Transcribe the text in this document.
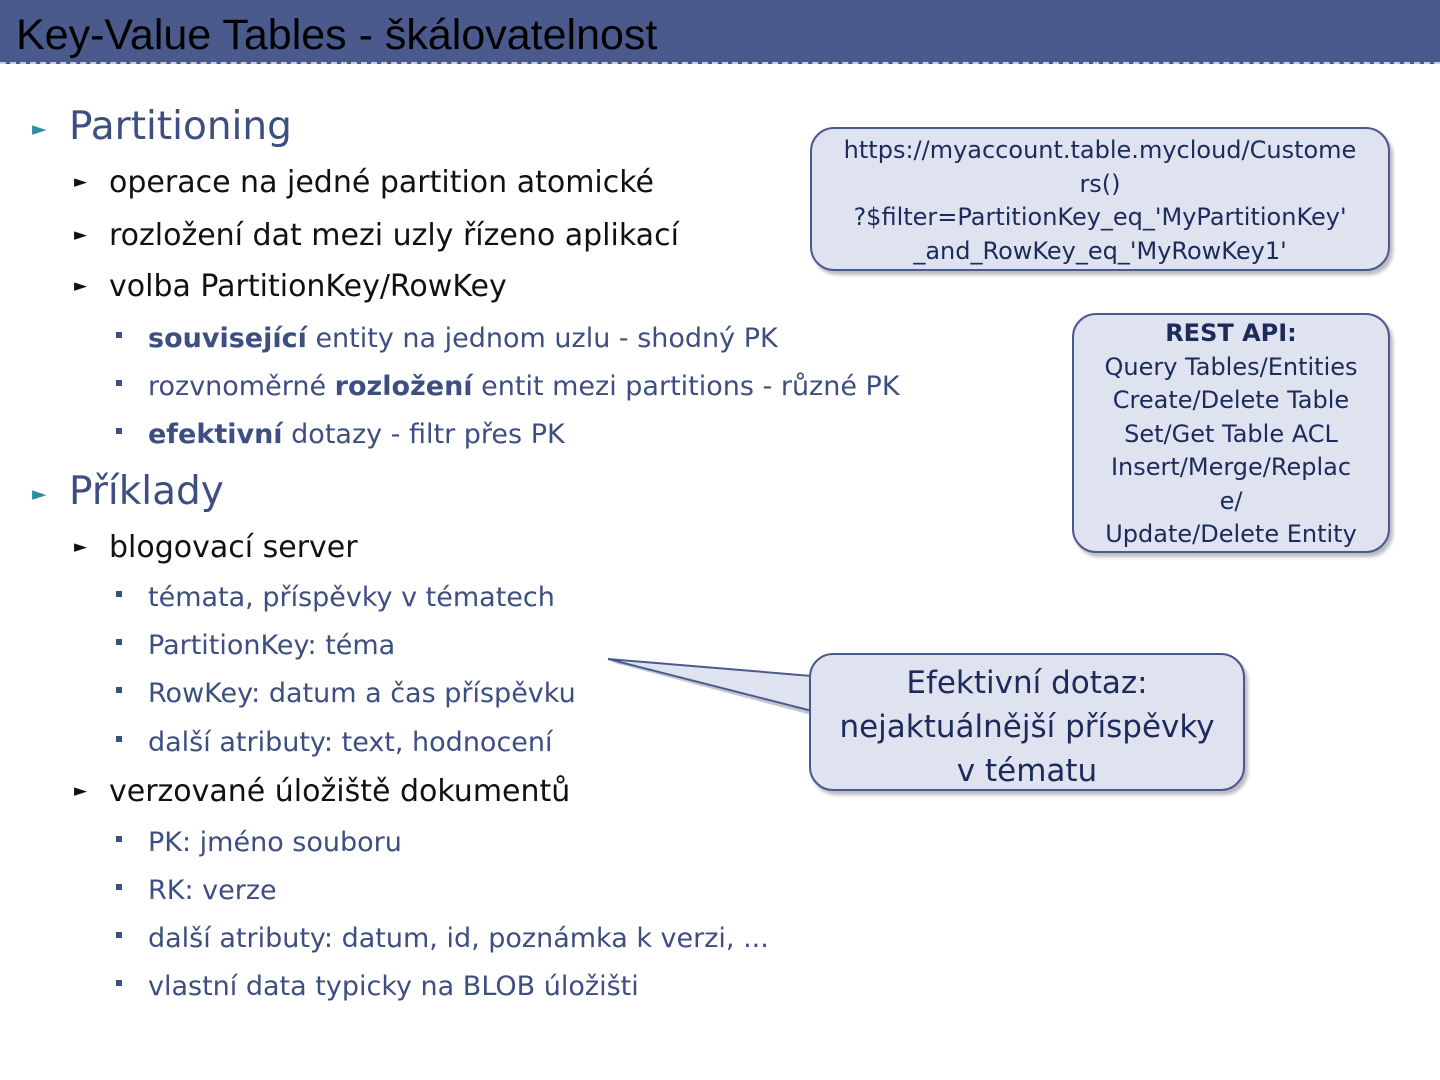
Key-Value Tables - škálovatelnost
► Partitioning
► operace na jedné partition atomické
► rozložení dat mezi uzly řízeno aplikací
► volba PartitionKey/RowKey
související entity na jednom uzlu - shodný PK
rozvnoměrné rozložení entit mezi partitions - různé PK
efektivní dotazy - filtr přes PK
► Příklady
► blogovací server
témata, příspěvky v tématech
PartitionKey: téma
RowKey: datum a čas příspěvku
další atributy: text, hodnocení
► verzované úložiště dokumentů
PK: jméno souboru
RK: verze
další atributy: datum, id, poznámka k verzi, ...
vlastní data typicky na BLOB úložišti
https://myaccount.table.mycloud/Custome
rs()
?$filter=PartitionKey_eq_'MyPartitionKey'
_and_RowKey_eq_'MyRowKey1'
REST API:
Query Tables/Entities
Create/Delete Table
Set/Get Table ACL
Insert/Merge/Replac
e/
Update/Delete Entity
Efektivní dotaz:
nejaktuálnější příspěvky
v tématu
